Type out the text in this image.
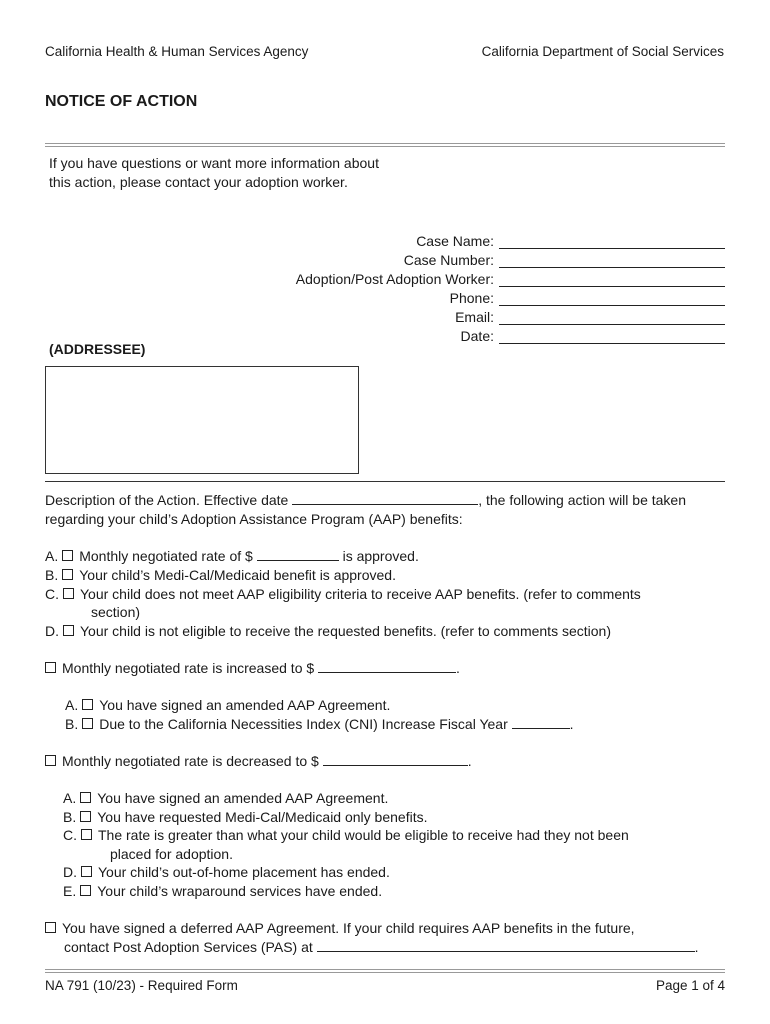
California Health & Human Services Agency	California Department of Social Services
NOTICE OF ACTION
If you have questions or want more information about this action, please contact your adoption worker.
Case Name:
Case Number:
Adoption/Post Adoption Worker:
Phone:
Email:
Date:
(ADDRESSEE)
Description of the Action. Effective date	, the following action will be taken
regarding your child’s Adoption Assistance Program (AAP) benefits:
A. Monthly negotiated rate of $	is approved.
B. Your child’s Medi-Cal/Medicaid benefit is approved.
C. Your child does not meet AAP eligibility criteria to receive AAP benefits. (refer to comments
section)
D. Your child is not eligible to receive the requested benefits. (refer to comments section)
Monthly negotiated rate is increased to $	.
A. You have signed an amended AAP Agreement.
B. Due to the California Necessities Index (CNI) Increase Fiscal Year	.
Monthly negotiated rate is decreased to $	.
A. You have signed an amended AAP Agreement.
B. You have requested Medi-Cal/Medicaid only benefits.
C. The rate is greater than what your child would be eligible to receive had they not been
placed for adoption.
D. Your child’s out-of-home placement has ended.
E. Your child’s wraparound services have ended.
You have signed a deferred AAP Agreement. If your child requires AAP benefits in the future,
contact Post Adoption Services (PAS) at	.
NA 791 (10/23) - Required Form	Page 1 of 4
